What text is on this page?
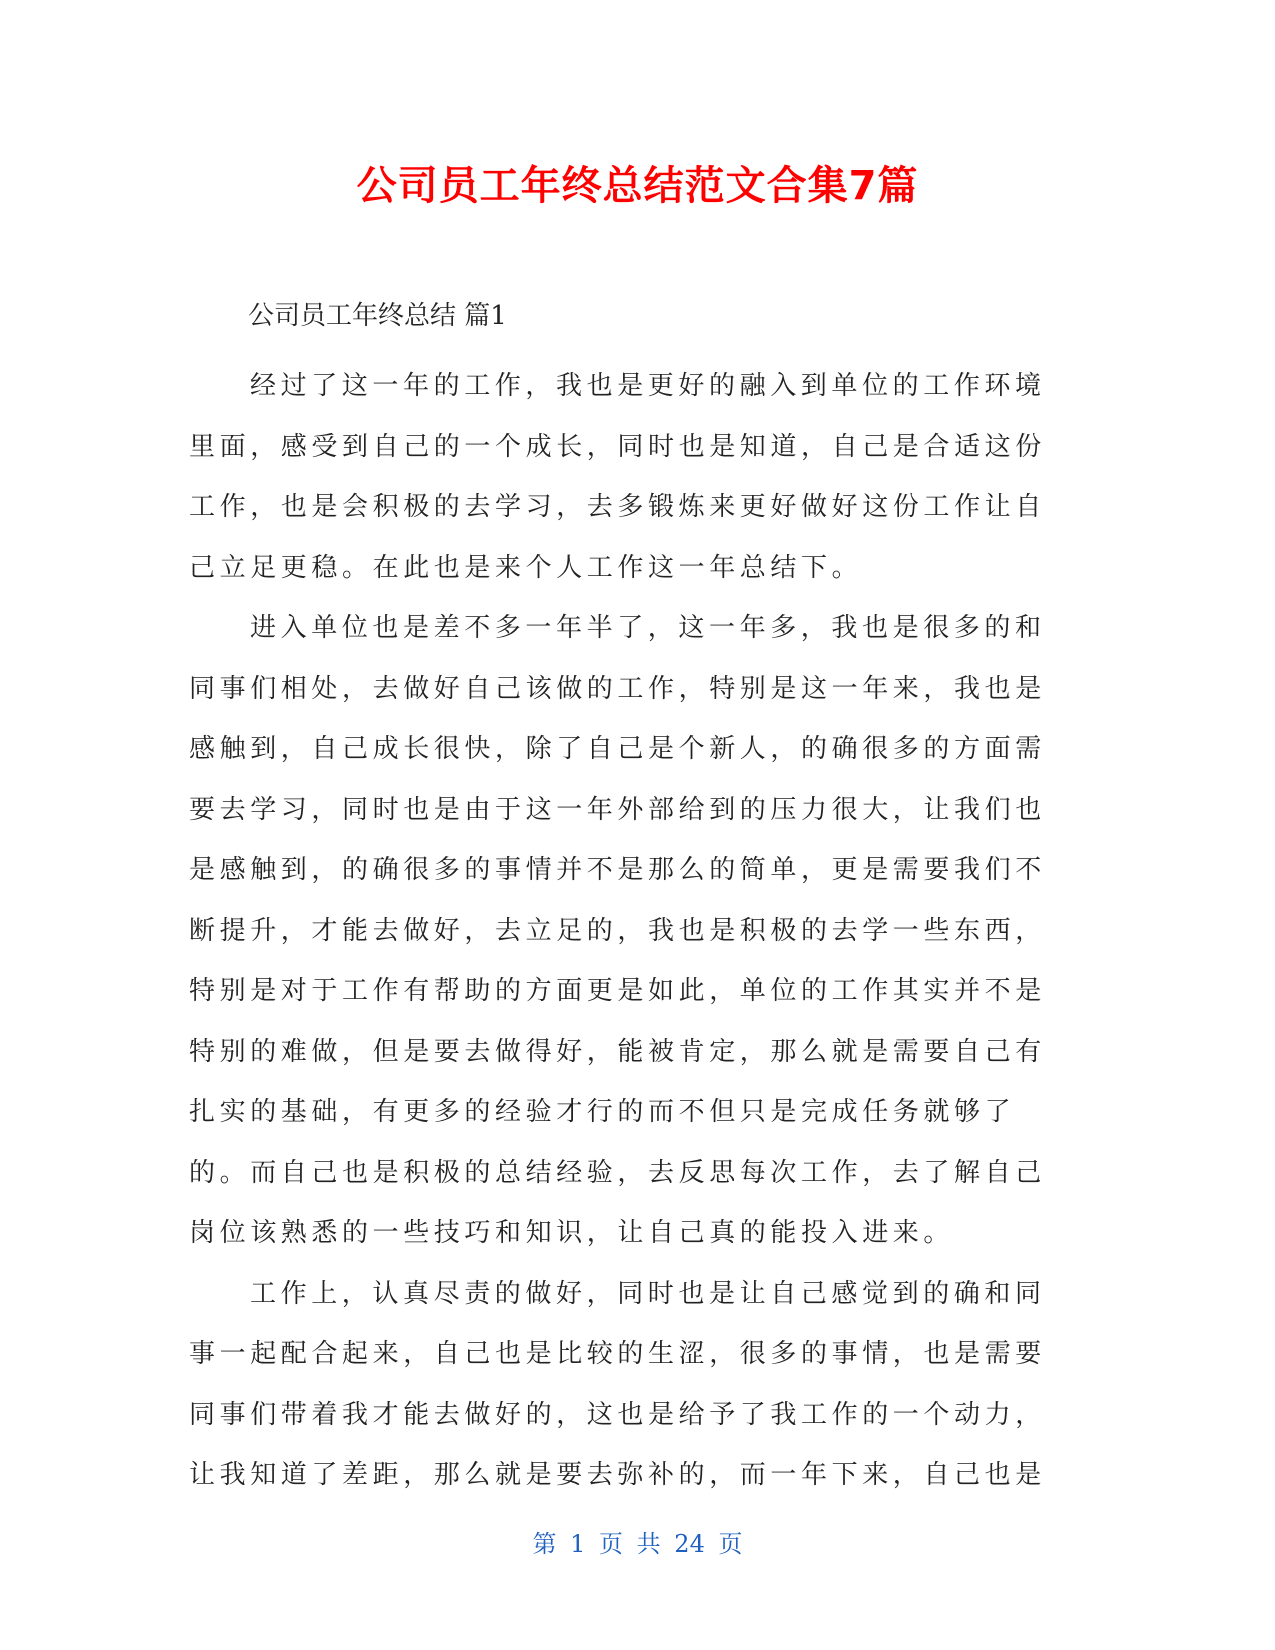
公司员工年终总结范文合集7篇
公司员工年终总结 篇1

经过了这一年的工作，我也是更好的融入到单位的工作环境里面，感受到自己的一个成长，同时也是知道，自己是合适这份工作，也是会积极的去学习，去多锻炼来更好做好这份工作让自己立足更稳。在此也是来个人工作这一年总结下。

进入单位也是差不多一年半了，这一年多，我也是很多的和同事们相处，去做好自己该做的工作，特别是这一年来，我也是感触到，自己成长很快，除了自己是个新人，的确很多的方面需要去学习，同时也是由于这一年外部给到的压力很大，让我们也是感触到，的确很多的事情并不是那么的简单，更是需要我们不断提升，才能去做好，去立足的，我也是积极的去学一些东西，特别是对于工作有帮助的方面更是如此，单位的工作其实并不是特别的难做，但是要去做得好，能被肯定，那么就是需要自己有扎实的基础，有更多的经验才行的而不但只是完成任务就够了的。而自己也是积极的总结经验，去反思每次工作，去了解自己岗位该熟悉的一些技巧和知识，让自己真的能投入进来。

工作上，认真尽责的做好，同时也是让自己感觉到的确和同事一起配合起来，自己也是比较的生涩，很多的事情，也是需要同事们带着我才能去做好的，这也是给予了我工作的一个动力，让我知道了差距，那么就是要去弥补的，而一年下来，自己也是

第 1 页 共 24 页
